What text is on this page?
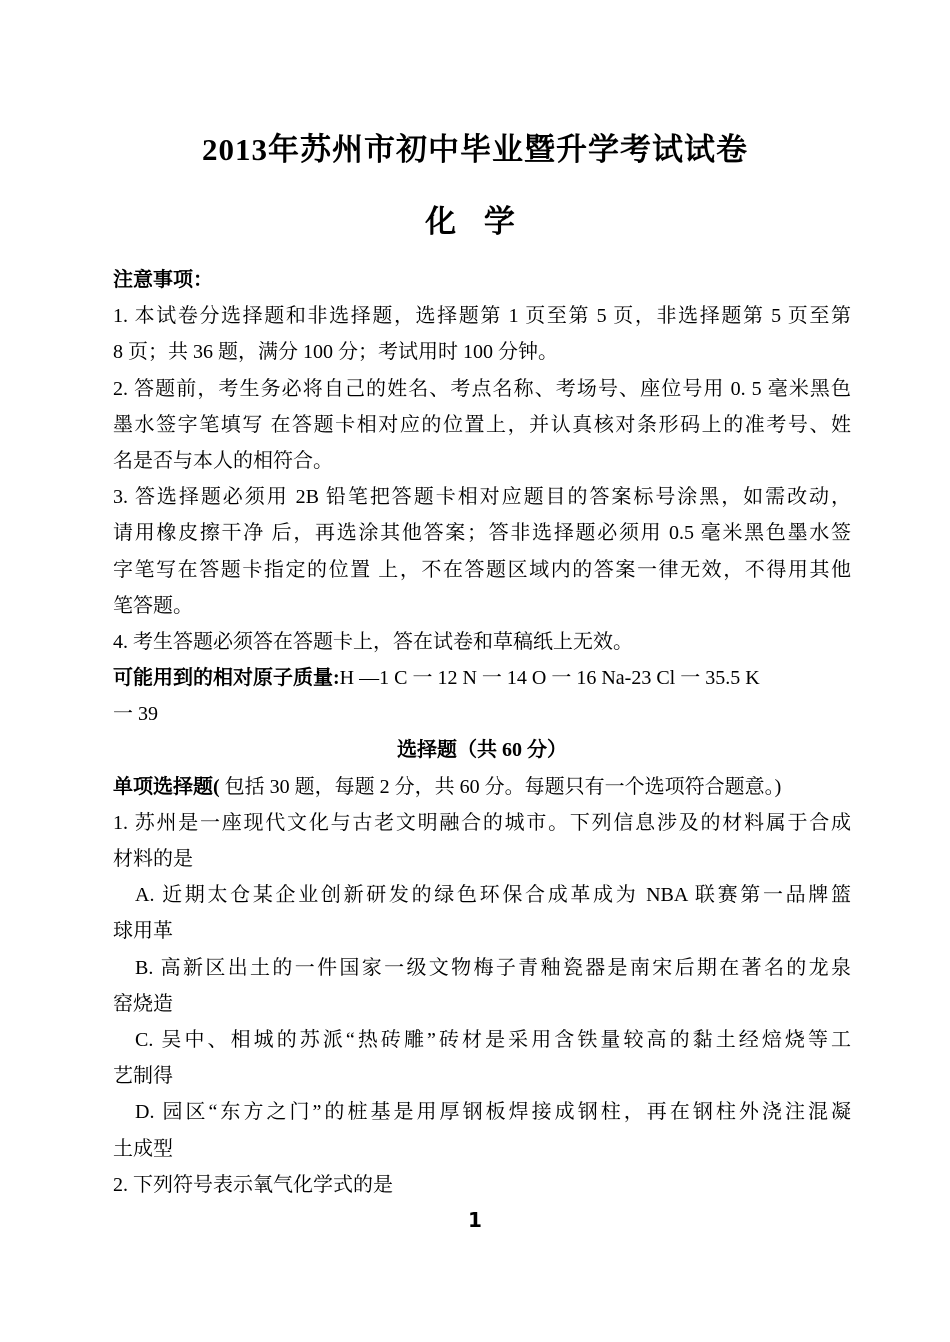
2013年苏州市初中毕业暨升学考试试卷
化 学
注意事项：
1. 本试卷分选择题和非选择题，选择题第 1 页至第 5 页，非选择题第 5 页至第
8 页；共 36 题，满分 100 分；考试用时 100 分钟。
2. 答题前，考生务必将自己的姓名、考点名称、考场号、座位号用 0. 5 毫米黑色
墨水签字笔填写 在答题卡相对应的位置上，并认真核对条形码上的准考号、姓
名是否与本人的相符合。
3. 答选择题必须用 2B 铅笔把答题卡相对应题目的答案标号涂黑，如需改动，
请用橡皮擦干净 后，再选涂其他答案；答非选择题必须用 0.5 毫米黑色墨水签
字笔写在答题卡指定的位置 上，不在答题区域内的答案一律无效，不得用其他
笔答题。
4. 考生答题必须答在答题卡上，答在试卷和草稿纸上无效。
可能用到的相对原子质量:H —1 C 一 12 N 一 14 O 一 16 Na-23 Cl 一 35.5 K
一 39
选择题（共 60 分）
单项选择题( 包括 30 题，每题 2 分，共 60 分。每题只有一个选项符合题意。)
1. 苏州是一座现代文化与古老文明融合的城市。下列信息涉及的材料属于合成
材料的是
A. 近期太仓某企业创新研发的绿色环保合成革成为 NBA 联赛第一品牌篮
球用革
B. 高新区出土的一件国家一级文物梅子青釉瓷器是南宋后期在著名的龙泉
窑烧造
C. 吴中、相城的苏派“热砖雕”砖材是采用含铁量较高的黏土经焙烧等工
艺制得
D. 园区“东方之门”的桩基是用厚钢板焊接成钢柱，再在钢柱外浇注混凝
土成型
2. 下列符号表示氧气化学式的是
1
